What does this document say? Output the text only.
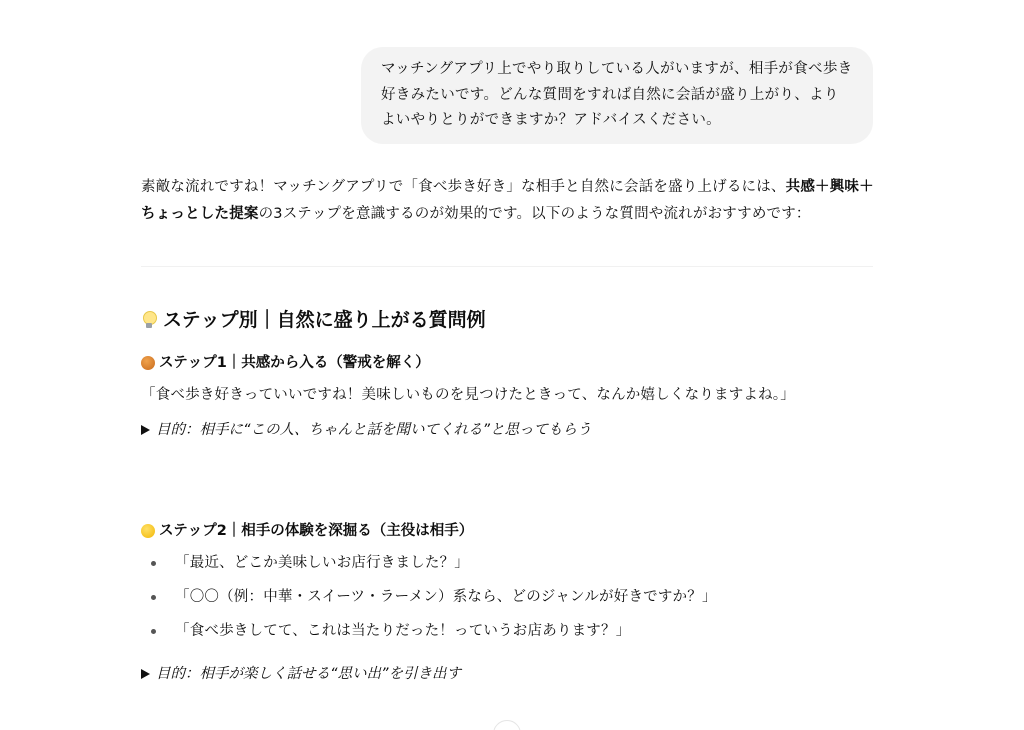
マッチングアプリ上でやり取りしている人がいますが、相手が食べ歩き好きみたいです。どんな質問をすれば自然に会話が盛り上がり、よりよいやりとりができますか？アドバイスください。

素敵な流れですね！マッチングアプリで「食べ歩き好き」な相手と自然に会話を盛り上げるには、共感＋興味＋ちょっとした提案の3ステップを意識するのが効果的です。以下のような質問や流れがおすすめです：

ステップ別｜自然に盛り上がる質問例
ステップ1｜共感から入る（警戒を解く）
「食べ歩き好きっていいですね！美味しいものを見つけたときって、なんか嬉しくなりますよね。」
目的：相手に“この人、ちゃんと話を聞いてくれる”と思ってもらう
ステップ2｜相手の体験を深掘る（主役は相手）
「最近、どこか美味しいお店行きました？」
「〇〇（例：中華・スイーツ・ラーメン）系なら、どのジャンルが好きですか？」
「食べ歩きしてて、これは当たりだった！っていうお店あります？」
目的：相手が楽しく話せる“思い出”を引き出す
